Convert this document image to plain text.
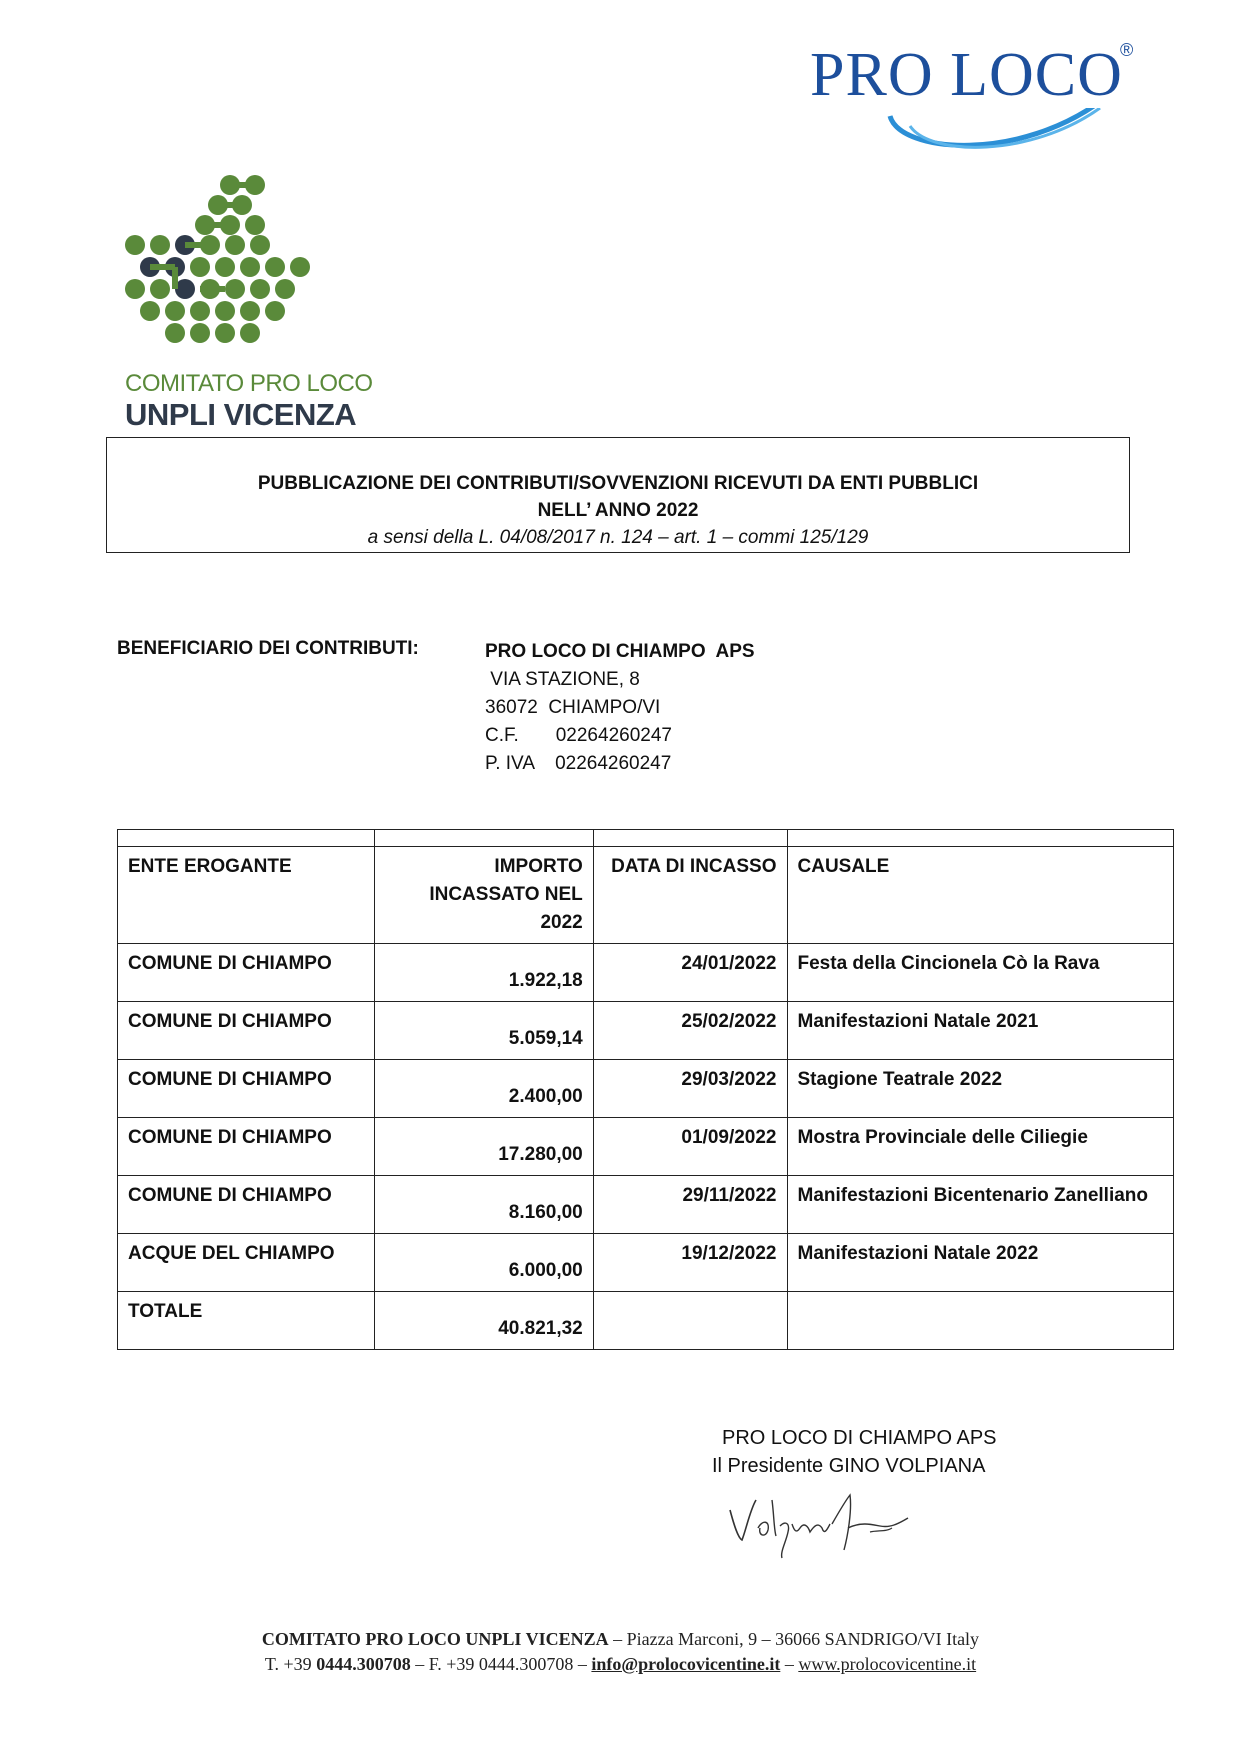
PRO LOCO
®
COMITATO PRO LOCO
UNPLI VICENZA
PUBBLICAZIONE DEI CONTRIBUTI/SOVVENZIONI RICEVUTI DA ENTI PUBBLICI
NELL’ ANNO 2022
a sensi della L. 04/08/2017 n. 124 – art. 1 – commi 125/129
BENEFICIARIO DEI CONTRIBUTI:	PRO LOCO DI CHIAMPO  APS
VIA STAZIONE, 8
36072  CHIAMPO/VI
C.F.       02264260247
P. IVA    02264260247

ENTE EROGANTE	IMPORTO INCASSATO NEL 2022	DATA DI INCASSO	CAUSALE
COMUNE DI CHIAMPO	1.922,18	24/01/2022	Festa della Cincionela Cò la Rava
COMUNE DI CHIAMPO	5.059,14	25/02/2022	Manifestazioni Natale 2021
COMUNE DI CHIAMPO	2.400,00	29/03/2022	Stagione Teatrale 2022
COMUNE DI CHIAMPO	17.280,00	01/09/2022	Mostra Provinciale delle Ciliegie
COMUNE DI CHIAMPO	8.160,00	29/11/2022	Manifestazioni Bicentenario Zanelliano
ACQUE DEL CHIAMPO	6.000,00	19/12/2022	Manifestazioni Natale 2022
TOTALE	40.821,32		
PRO LOCO DI CHIAMPO APS
Il Presidente GINO VOLPIANA
COMITATO PRO LOCO UNPLI VICENZA – Piazza Marconi, 9 – 36066 SANDRIGO/VI Italy
T. +39 0444.300708 – F. +39 0444.300708 – info@prolocovicentine.it – www.prolocovicentine.it
